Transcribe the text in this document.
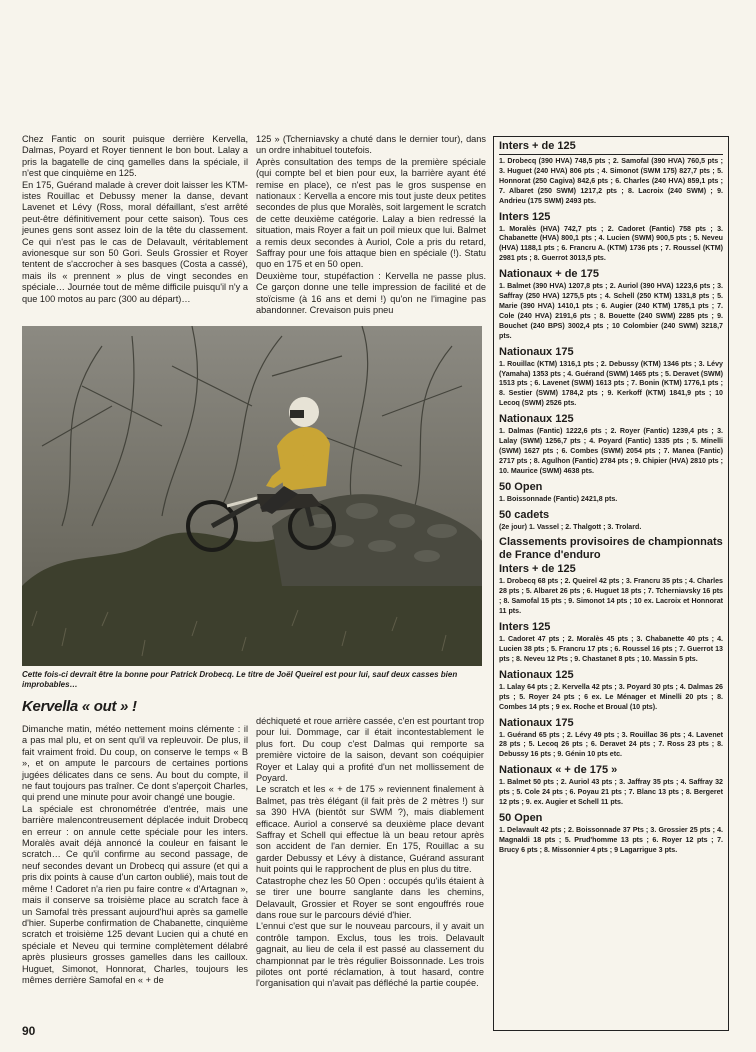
Chez Fantic on sourit puisque derrière Kervella, Dalmas, Poyard et Royer tiennent le bon bout. Lalay a pris la bagatelle de cinq gamelles dans la spéciale, il n'est que cinquième en 125.

En 175, Guérand malade à crever doit laisser les KTM-istes Rouillac et Debussy mener la danse, devant Lavenet et Lévy (Ross, moral défaillant, s'est arrêté peut-être définitivement pour cette saison). Tous ces jeunes gens sont assez loin de la tête du classement. Ce qui n'est pas le cas de Delavault, véritablement avionesque sur son 50 Gori. Seuls Grossier et Royer tentent de s'accrocher à ses basques (Costa a cassé), mais ils « prennent » plus de vingt secondes en spéciale… Journée tout de même difficile puisqu'il n'y a que 100 motos au parc (300 au départ)…

125 » (Tcherniavsky a chuté dans le dernier tour), dans un ordre inhabituel toutefois.

Après consultation des temps de la première spéciale (qui compte bel et bien pour eux, la barrière ayant été remise en place), ce n'est pas le gros suspense en nationaux : Kervella a encore mis tout juste deux petites secondes de plus que Moralès, soit largement le scratch de cette deuxième catégorie. Lalay a bien redressé la situation, mais Royer a fait un poil mieux que lui. Balmet a remis deux secondes à Auriol, Cole a pris du retard, Saffray pour une fois attaque bien en spéciale (!). Statu quo en 175 et en 50 open.

Deuxième tour, stupéfaction : Kervella ne passe plus. Ce garçon donne une telle impression de facilité et de stoïcisme (à 16 ans et demi !) qu'on ne l'imagine pas abandonner. Crevaison puis pneu

Cette fois-ci devrait être la bonne pour Patrick Drobecq. Le titre de Joël Queirel est pour lui, sauf deux casses bien improbables…
Kervella « out » !

Dimanche matin, météo nettement moins clémente : il a pas mal plu, et on sent qu'il va repleuvoir. De plus, il fait vraiment froid. Du coup, on conserve le temps « B », et on ampute le parcours de certaines portions jugées délicates dans ce sens. Au bout du compte, il ne faut toujours pas traîner. Ce dont s'aperçoit Charles, qui prend une minute pour avoir changé une bougie.

La spéciale est chronométrée d'entrée, mais une barrière malencontreusement déplacée induit Drobecq en erreur : on annule cette spéciale pour les inters. Moralès avait déjà annoncé la couleur en faisant le scratch… Ce qu'il confirme au second passage, de neuf secondes devant un Drobecq qui assure (et qui a pris dix points à cause d'un carton oublié), mais tout de même ! Cadoret n'a rien pu faire contre « d'Artagnan », mais il conserve sa troisième place au scratch face à un Samofal très pressant aujourd'hui après sa gamelle d'hier. Superbe confirmation de Chabanette, cinquième scratch et troisième 125 devant Lucien qui a chuté en spéciale et Neveu qui termine complètement délabré après plusieurs grosses gamelles dans les cailloux. Huguet, Simonot, Honnorat, Charles, toujours les mêmes derrière Samofal en « + de

déchiqueté et roue arrière cassée, c'en est pourtant trop pour lui. Dommage, car il était incontestablement le plus fort. Du coup c'est Dalmas qui remporte sa première victoire de la saison, devant son coéquipier Royer et Lalay qui a profité d'un net mollissement de Poyard.

Le scratch et les « + de 175 » reviennent finalement à Balmet, pas très élégant (il fait près de 2 mètres !) sur sa 390 HVA (bientôt sur SWM ?), mais diablement efficace. Auriol a conservé sa deuxième place devant Saffray et Schell qui effectue là un beau retour après son accident de l'an dernier. En 175, Rouillac a su garder Debussy et Lévy à distance, Guérand assurant huit points qui le rapprochent de plus en plus du titre.

Catastrophe chez les 50 Open : occupés qu'ils étaient à se tirer une bourre sanglante dans les chemins, Delavault, Grossier et Royer se sont engouffrés roue dans roue sur le parcours dévié d'hier.

L'ennui c'est que sur le nouveau parcours, il y avait un contrôle tampon. Exclus, tous les trois. Delavault gagnait, au lieu de cela il est passé au classement du championnat par le très régulier Boissonnade. Les trois pilotes ont porté réclamation, à tout hasard, contre l'organisation qui n'avait pas défléché la partie coupée.

90
Inters + de 125

1. Drobecq (390 HVA) 748,5 pts ; 2. Samofal (390 HVA) 760,5 pts ; 3. Huguet (240 HVA) 806 pts ; 4. Simonot (SWM 175) 827,7 pts ; 5. Honnorat (250 Cagiva) 842,6 pts ; 6. Charles (240 HVA) 859,1 pts ; 7. Albaret (250 SWM) 1217,2 pts ; 8. Lacroix (240 SWM) ; 9. Andrieu (175 SWM) 2493 pts.

Inters 125

1. Moralès (HVA) 742,7 pts ; 2. Cadoret (Fantic) 758 pts ; 3. Chabanette (HVA) 800,1 pts ; 4. Lucien (SWM) 900,5 pts ; 5. Neveu (HVA) 1188,1 pts ; 6. Francru A. (KTM) 1736 pts ; 7. Roussel (KTM) 2981 pts ; 8. Guerrot 3013,5 pts.

Nationaux + de 175

1. Balmet (390 HVA) 1207,8 pts ; 2. Auriol (390 HVA) 1223,6 pts ; 3. Saffray (250 HVA) 1275,5 pts ; 4. Schell (250 KTM) 1331,8 pts ; 5. Marie (390 HVA) 1410,1 pts ; 6. Augier (240 KTM) 1785,1 pts ; 7. Cole (240 HVA) 2191,6 pts ; 8. Bouette (240 SWM) 2285 pts ; 9. Bouchet (240 BPS) 3002,4 pts ; 10 Colombier (240 SWM) 3218,7 pts.

Nationaux 175

1. Rouillac (KTM) 1316,1 pts ; 2. Debussy (KTM) 1346 pts ; 3. Lévy (Yamaha) 1353 pts ; 4. Guérand (SWM) 1465 pts ; 5. Deravet (SWM) 1513 pts ; 6. Lavenet (SWM) 1613 pts ; 7. Bonin (KTM) 1776,1 pts ; 8. Sestier (SWM) 1784,2 pts ; 9. Kerkoff (KTM) 1841,9 pts ; 10 Lecoq (SWM) 2526 pts.

Nationaux 125

1. Dalmas (Fantic) 1222,6 pts ; 2. Royer (Fantic) 1239,4 pts ; 3. Lalay (SWM) 1256,7 pts ; 4. Poyard (Fantic) 1335 pts ; 5. Minelli (SWM) 1627 pts ; 6. Combes (SWM) 2054 pts ; 7. Manea (Fantic) 2717 pts ; 8. Agulhon (Fantic) 2784 pts ; 9. Chipier (HVA) 2810 pts ; 10. Maurice (SWM) 4638 pts.

50 Open

1. Boissonnade (Fantic) 2421,8 pts.

50 cadets

(2e jour) 1. Vassel ; 2. Thalgott ; 3. Trolard.

Classements provisoires de championnats de France d'enduro
Inters + de 125

1. Drobecq 68 pts ; 2. Queirel 42 pts ; 3. Francru 35 pts ; 4. Charles 28 pts ; 5. Albaret 26 pts ; 6. Huguet 18 pts ; 7. Tcherniavsky 16 pts ; 8. Samofal 15 pts ; 9. Simonot 14 pts ; 10 ex. Lacroix et Honnorat 11 pts.

Inters 125

1. Cadoret 47 pts ; 2. Moralès 45 pts ; 3. Chabanette 40 pts ; 4. Lucien 38 pts ; 5. Francru 17 pts ; 6. Roussel 16 pts ; 7. Guerrot 13 pts ; 8. Neveu 12 Pts ; 9. Chastanet 8 pts ; 10. Massin 5 pts.

Nationaux 125

1. Lalay 64 pts ; 2. Kervella 42 pts ; 3. Poyard 30 pts ; 4. Dalmas 26 pts ; 5. Royer 24 pts ; 6 ex. Le Ménager et Minelli 20 pts ; 8. Combes 14 pts ; 9 ex. Roche et Broual (10 pts).

Nationaux 175

1. Guérand 65 pts ; 2. Lévy 49 pts ; 3. Rouillac 36 pts ; 4. Lavenet 28 pts ; 5. Lecoq 26 pts ; 6. Deravet 24 pts ; 7. Ross 23 pts ; 8. Debussy 16 pts ; 9. Génin 10 pts etc.

Nationaux « + de 175 »

1. Balmet 50 pts ; 2. Auriol 43 pts ; 3. Jaffray 35 pts ; 4. Saffray 32 pts ; 5. Cole 24 pts ; 6. Poyau 21 pts ; 7. Blanc 13 pts ; 8. Bergeret 12 pts ; 9. ex. Augier et Schell 11 pts.

50 Open

1. Delavault 42 pts ; 2. Boissonnade 37 Pts ; 3. Grossier 25 pts ; 4. Magnaldi 18 pts ; 5. Prud'homme 13 pts ; 6. Royer 12 pts ; 7. Brucy 6 pts ; 8. Missonnier 4 pts ; 9 Lagarrigue 3 pts.
